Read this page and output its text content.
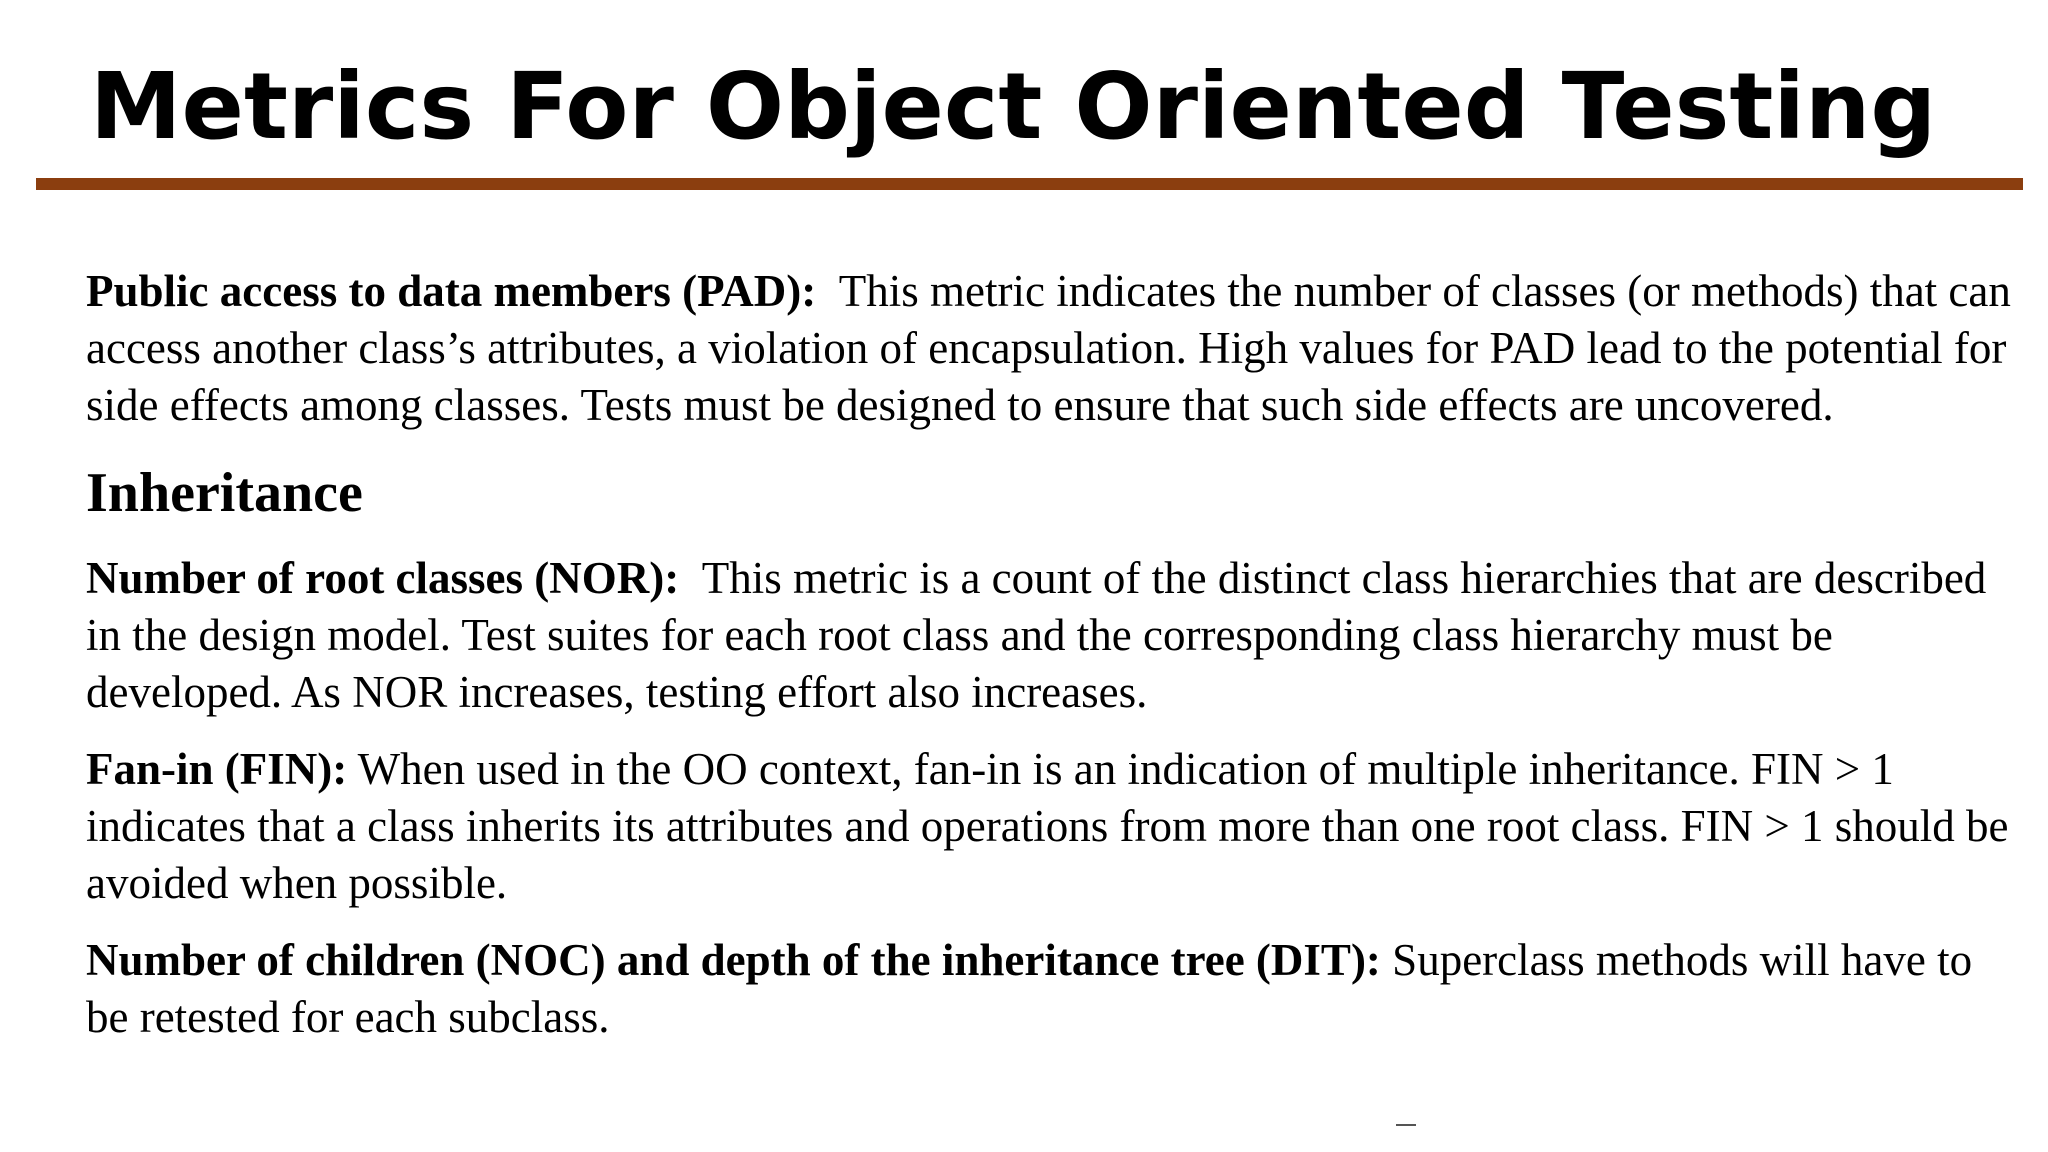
Metrics For Object Oriented Testing

Public access to data members (PAD):  This metric indicates the number of classes (or methods) that can access another class’s attributes, a violation of encapsulation. High values for PAD lead to the potential for side effects among classes. Tests must be designed to ensure that such side effects are uncovered.

Inheritance

Number of root classes (NOR):  This metric is a count of the distinct class hierarchies that are described in the design model. Test suites for each root class and the corresponding class hierarchy must be developed. As NOR increases, testing effort also increases.

Fan-in (FIN): When used in the OO context, fan-in is an indication of multiple inheritance. FIN > 1 indicates that a class inherits its attributes and operations from more than one root class. FIN > 1 should be avoided when possible.

Number of children (NOC) and depth of the inheritance tree (DIT): Superclass methods will have to be retested for each subclass.
